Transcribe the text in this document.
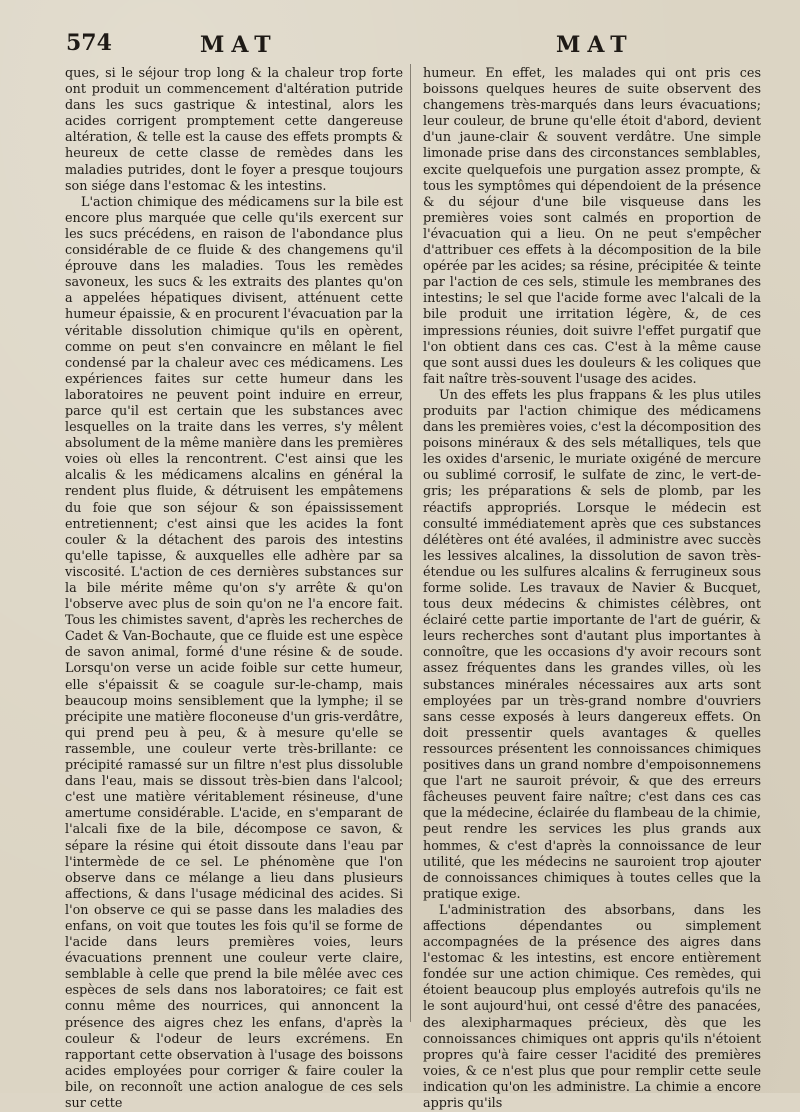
574	MAT	MAT

ques, si le séjour trop long & la chaleur trop forte ont produit un commencement d'altération putride dans les sucs gastrique & intestinal, alors les acides corrigent promptement cette dangereuse altération, & telle est la cause des effets prompts & heureux de cette classe de remèdes dans les maladies putrides, dont le foyer a presque toujours son siége dans l'estomac & les intestins.

L'action chimique des médicamens sur la bile est encore plus marquée que celle qu'ils exercent sur les sucs précédens, en raison de l'abondance plus considérable de ce fluide & des changemens qu'il éprouve dans les maladies. Tous les remèdes savoneux, les sucs & les extraits des plantes qu'on a appelées hépatiques divisent, atténuent cette humeur épaissie, & en procurent l'évacuation par la véritable dissolution chimique qu'ils en opèrent, comme on peut s'en convaincre en mêlant le fiel condensé par la chaleur avec ces médicamens. Les expériences faites sur cette humeur dans les laboratoires ne peuvent point induire en erreur, parce qu'il est certain que les substances avec lesquelles on la traite dans les verres, s'y mêlent absolument de la même manière dans les premières voies où elles la rencontrent. C'est ainsi que les alcalis & les médicamens alcalins en général la rendent plus fluide, & détruisent les empâtemens du foie que son séjour & son épaississement entretiennent; c'est ainsi que les acides la font couler & la détachent des parois des intestins qu'elle tapisse, & auxquelles elle adhère par sa viscosité. L'action de ces dernières substances sur la bile mérite même qu'on s'y arrête & qu'on l'observe avec plus de soin qu'on ne l'a encore fait. Tous les chimistes savent, d'après les recherches de Cadet & Van-Bochaute, que ce fluide est une espèce de savon animal, formé d'une résine & de soude. Lorsqu'on verse un acide foible sur cette humeur, elle s'épaissit & se coagule sur-le-champ, mais beaucoup moins sensiblement que la lymphe; il se précipite une matière floconeuse d'un gris-verdâtre, qui prend peu à peu, & à mesure qu'elle se rassemble, une couleur verte très-brillante: ce précipité ramassé sur un filtre n'est plus dissoluble dans l'eau, mais se dissout très-bien dans l'alcool; c'est une matière véritablement résineuse, d'une amertume considérable. L'acide, en s'emparant de l'alcali fixe de la bile, décompose ce savon, & sépare la résine qui étoit dissoute dans l'eau par l'intermède de ce sel. Le phénomène que l'on observe dans ce mélange a lieu dans plusieurs affections, & dans l'usage médicinal des acides. Si l'on observe ce qui se passe dans les maladies des enfans, on voit que toutes les fois qu'il se forme de l'acide dans leurs premières voies, leurs évacuations prennent une couleur verte claire, semblable à celle que prend la bile mêlée avec ces espèces de sels dans nos laboratoires; ce fait est connu même des nourrices, qui annoncent la présence des aigres chez les enfans, d'après la couleur & l'odeur de leurs excrémens. En rapportant cette observation à l'usage des boissons acides employées pour corriger & faire couler la bile, on reconnoît une action analogue de ces sels sur cette

humeur. En effet, les malades qui ont pris ces boissons quelques heures de suite observent des changemens très-marqués dans leurs évacuations; leur couleur, de brune qu'elle étoit d'abord, devient d'un jaune-clair & souvent verdâtre. Une simple limonade prise dans des circonstances semblables, excite quelquefois une purgation assez prompte, & tous les symptômes qui dépendoient de la présence & du séjour d'une bile visqueuse dans les premières voies sont calmés en proportion de l'évacuation qui a lieu. On ne peut s'empêcher d'attribuer ces effets à la décomposition de la bile opérée par les acides; sa résine, précipitée & teinte par l'action de ces sels, stimule les membranes des intestins; le sel que l'acide forme avec l'alcali de la bile produit une irritation légère, &, de ces impressions réunies, doit suivre l'effet purgatif que l'on obtient dans ces cas. C'est à la même cause que sont aussi dues les douleurs & les coliques que fait naître très-souvent l'usage des acides.

Un des effets les plus frappans & les plus utiles produits par l'action chimique des médicamens dans les premières voies, c'est la décomposition des poisons minéraux & des sels métalliques, tels que les oxides d'arsenic, le muriate oxigéné de mercure ou sublimé corrosif, le sulfate de zinc, le vert-de-gris; les préparations & sels de plomb, par les réactifs appropriés. Lorsque le médecin est consulté immédiatement après que ces substances délétères ont été avalées, il administre avec succès les lessives alcalines, la dissolution de savon très-étendue ou les sulfures alcalins & ferrugineux sous forme solide. Les travaux de Navier & Bucquet, tous deux médecins & chimistes célèbres, ont éclairé cette partie importante de l'art de guérir, & leurs recherches sont d'autant plus importantes à connoître, que les occasions d'y avoir recours sont assez fréquentes dans les grandes villes, où les substances minérales nécessaires aux arts sont employées par un très-grand nombre d'ouvriers sans cesse exposés à leurs dangereux effets. On doit pressentir quels avantages & quelles ressources présentent les connoissances chimiques positives dans un grand nombre d'empoisonnemens que l'art ne sauroit prévoir, & que des erreurs fâcheuses peuvent faire naître; c'est dans ces cas que la médecine, éclairée du flambeau de la chimie, peut rendre les services les plus grands aux hommes, & c'est d'après la connoissance de leur utilité, que les médecins ne sauroient trop ajouter de connoissances chimiques à toutes celles que la pratique exige.

L'administration des absorbans, dans les affections dépendantes ou simplement accompagnées de la présence des aigres dans l'estomac & les intestins, est encore entièrement fondée sur une action chimique. Ces remèdes, qui étoient beaucoup plus employés autrefois qu'ils ne le sont aujourd'hui, ont cessé d'être des panacées, des alexipharmaques précieux, dès que les connoissances chimiques ont appris qu'ils n'étoient propres qu'à faire cesser l'acidité des premières voies, & ce n'est plus que pour remplir cette seule indication qu'on les administre. La chimie a encore appris qu'ils
